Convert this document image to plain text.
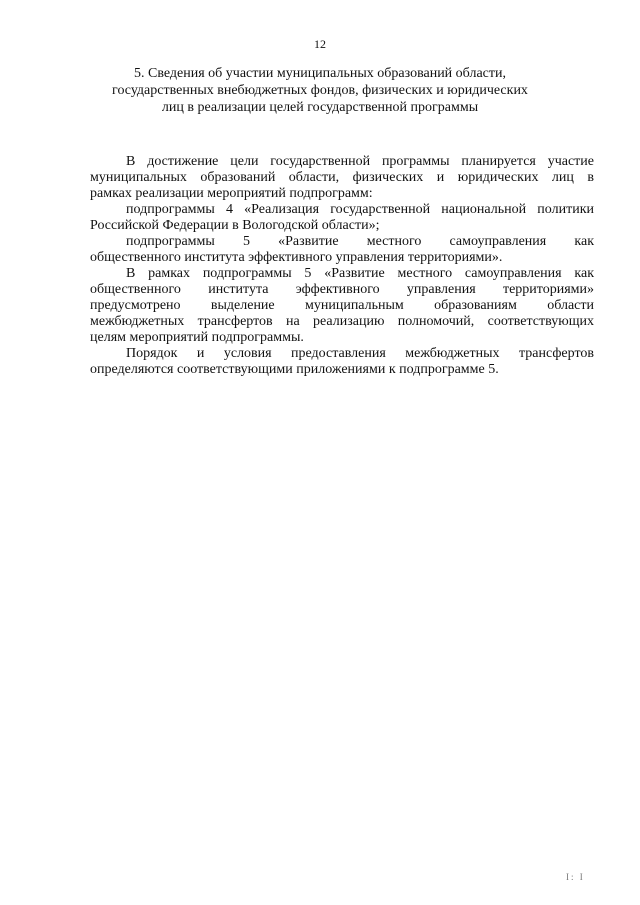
12
5. Сведения об участии муниципальных образований области,
государственных внебюджетных фондов, физических и юридических
лиц в реализации целей государственной программы
В достижение цели государственной программы планируется участие
муниципальных образований области, физических и юридических лиц в
рамках реализации мероприятий подпрограмм:
подпрограммы 4 «Реализация государственной национальной политики
Российской Федерации в Вологодской области»;
подпрограммы 5 «Развитие местного самоуправления как
общественного института эффективного управления территориями».
В рамках подпрограммы 5 «Развитие местного самоуправления как
общественного института эффективного управления территориями»
предусмотрено выделение муниципальным образованиям области
межбюджетных трансфертов на реализацию полномочий, соответствующих
целям мероприятий подпрограммы.
Порядок и условия предоставления межбюджетных трансфертов
определяются соответствующими приложениями к подпрограмме 5.
I: I
